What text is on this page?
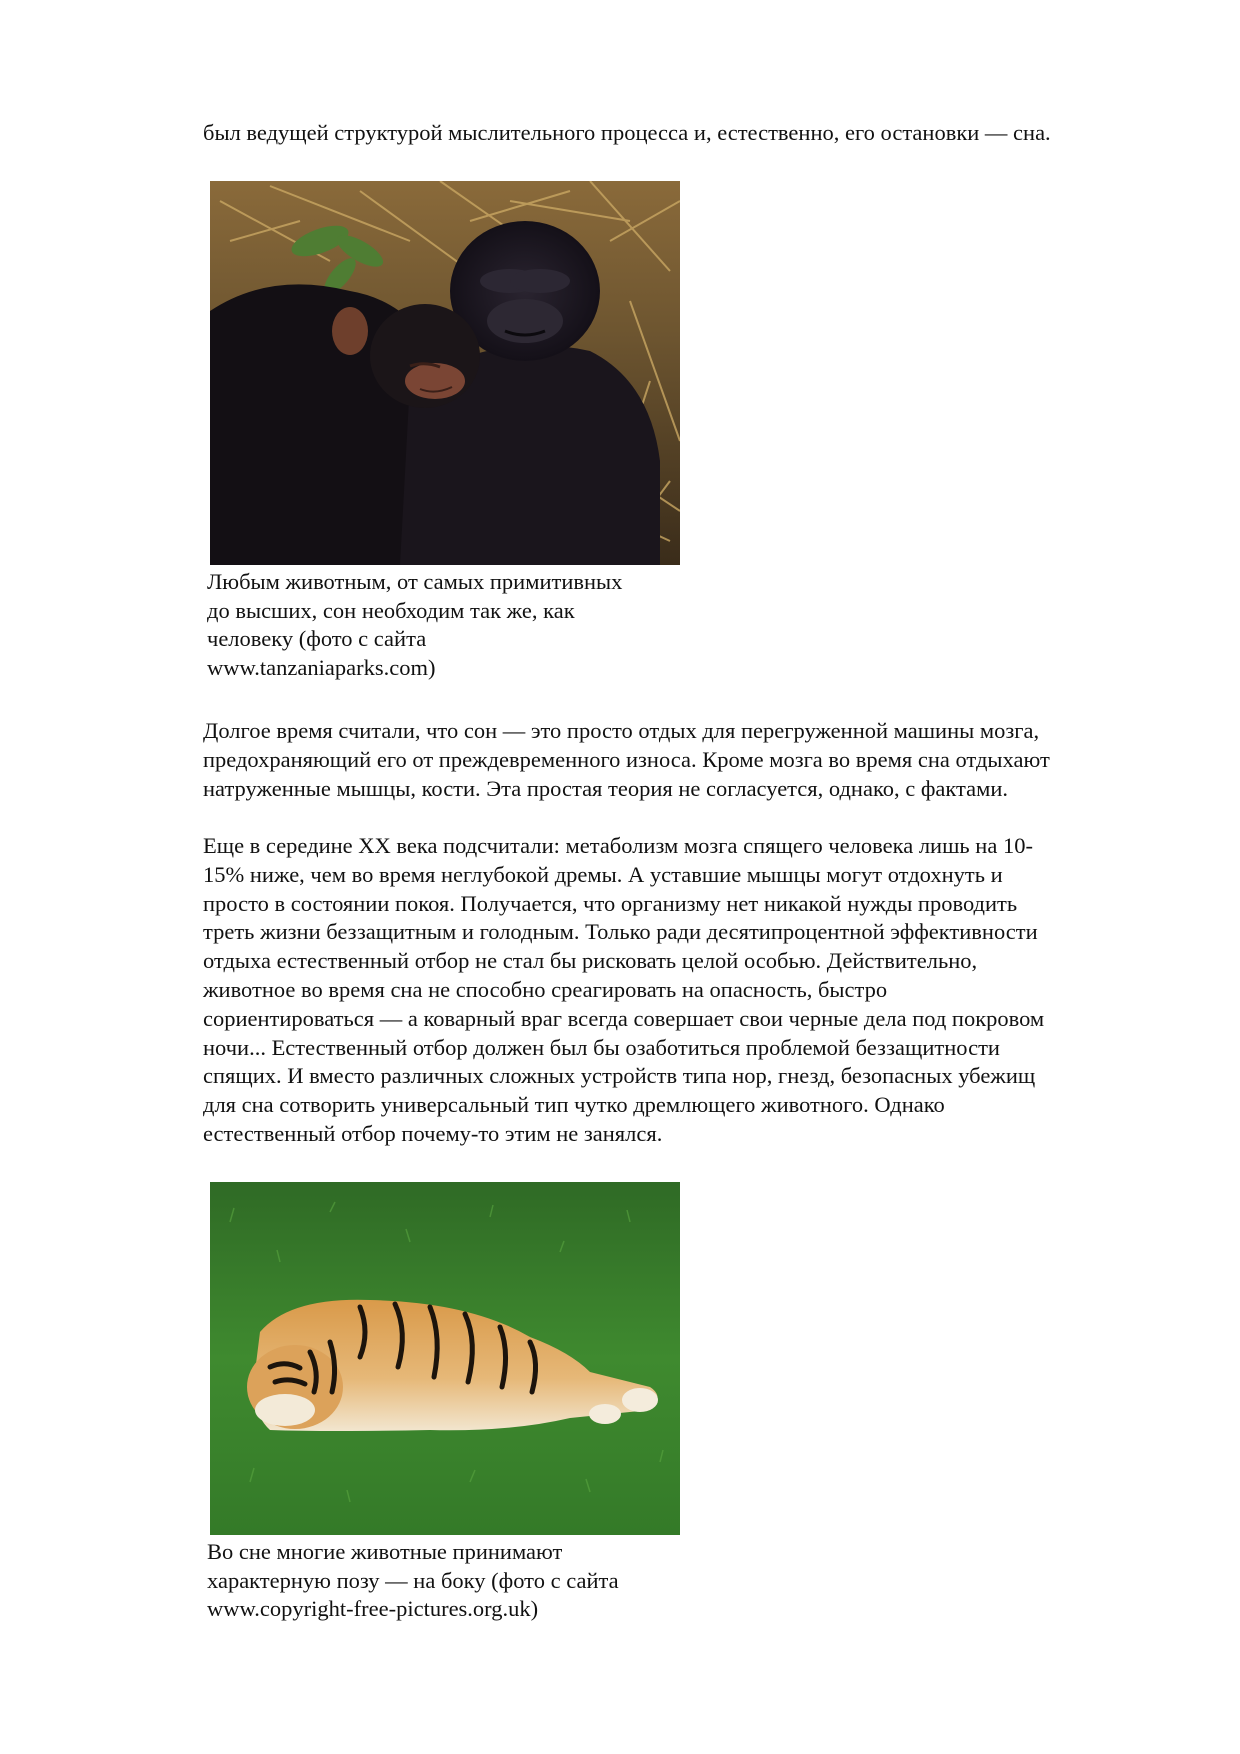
был ведущей структурой мыслительного процесса и, естественно, его остановки — сна.
Любым животным, от самых примитивных
до высших, сон необходим так же, как
человеку (фото с сайта
www.tanzaniaparks.com)
Долгое время считали, что сон — это просто отдых для перегруженной машины мозга,
предохраняющий его от преждевременного износа. Кроме мозга во время сна отдыхают
натруженные мышцы, кости. Эта простая теория не согласуется, однако, с фактами.
Еще в середине XX века подсчитали: метаболизм мозга спящего человека лишь на 10-
15% ниже, чем во время неглубокой дремы. А уставшие мышцы могут отдохнуть и
просто в состоянии покоя. Получается, что организму нет никакой нужды проводить
треть жизни беззащитным и голодным. Только ради десятипроцентной эффективности
отдыха естественный отбор не стал бы рисковать целой особью. Действительно,
животное во время сна не способно среагировать на опасность, быстро
сориентироваться — а коварный враг всегда совершает свои черные дела под покровом
ночи... Естественный отбор должен был бы озаботиться проблемой беззащитности
спящих. И вместо различных сложных устройств типа нор, гнезд, безопасных убежищ
для сна сотворить универсальный тип чутко дремлющего животного. Однако
естественный отбор почему-то этим не занялся.
Во сне многие животные принимают
характерную позу — на боку (фото с сайта
www.copyright-free-pictures.org.uk)
